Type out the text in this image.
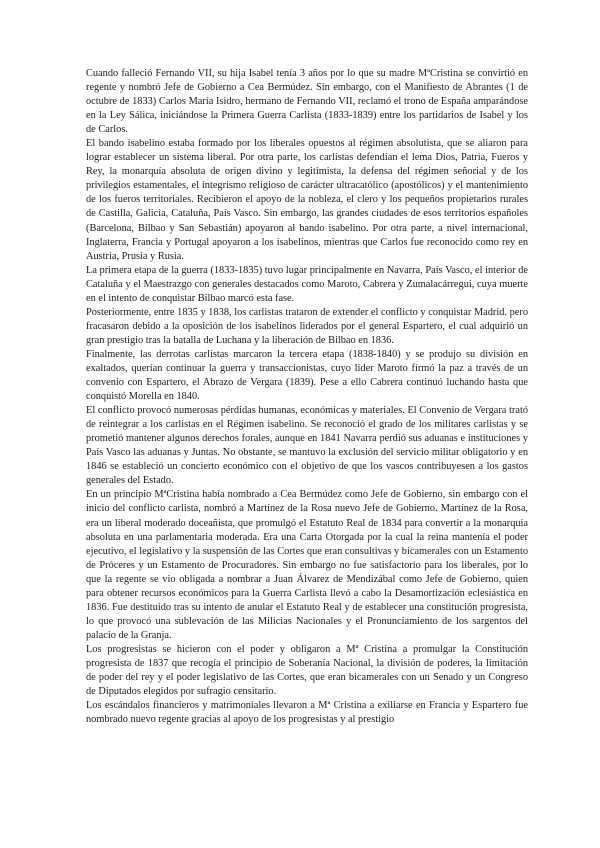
Cuando falleció Fernando VII, su hija Isabel tenía 3 años por lo que su madre MªCristina se convirtió en regente y nombró Jefe de Gobierno a Cea Bermúdez. Sin embargo, con el Manifiesto de Abrantes (1 de octubre de 1833) Carlos María Isidro, hermano de Fernando VII, reclamó el trono de España amparándose en la Ley Sálica, iniciándose la Primera Guerra Carlista (1833-1839) entre los partidarios de Isabel y los de Carlos.

El bando isabelino estaba formado por los liberales opuestos al régimen absolutista, que se aliaron para lograr establecer un sistema liberal. Por otra parte, los carlistas defendían el lema Dios, Patria, Fueros y Rey, la monarquía absoluta de origen divino y legitimista, la defensa del régimen señorial y de los privilegios estamentales, el integrismo religioso de carácter ultracatólico (apostólicos) y el mantenimiento de los fueros territoriales. Recibieron el apoyo de la nobleza, el clero y los pequeños propietarios rurales de Castilla, Galicia, Cataluña, País Vasco. Sin embargo, las grandes ciudades de esos territorios españoles (Barcelona, Bilbao y San Sebastián) apoyaron al bando isabelino. Por otra parte, a nivel internacional, Inglaterra, Francia y Portugal apoyaron a los isabelinos, mientras que Carlos fue reconocido como rey en Austria, Prusia y Rusia.

La primera etapa de la guerra (1833-1835) tuvo lugar principalmente en Navarra, País Vasco, el interior de Cataluña y el Maestrazgo con generales destacados como Maroto, Cabrera y Zumalacárregui, cuya muerte en el intento de conquistar Bilbao marcó esta fase.

Posteriormente, entre 1835 y 1838, los carlistas trataron de extender el conflicto y conquistar Madrid. pero fracasaron debido a la oposición de los isabelinos liderados por el general Espartero, el cual adquirió un gran prestigio tras la batalla de Luchana y la liberación de Bilbao en 1836.

Finalmente, las derrotas carlistas marcaron la tercera etapa (1838-1840) y se produjo su división en exaltados, querían continuar la guerra y transaccionistas, cuyo líder Maroto firmó la paz a través de un convenio con Espartero, el Abrazo de Vergara (1839). Pese a ello Cabrera continuó luchando hasta que conquistó Morella en 1840.

El conflicto provocó numerosas pérdidas humanas, económicas y materiales. El Convenio de Vergara trató de reintegrar a los carlistas en el Régimen isabelino. Se reconoció el grado de los militares carlistas y se prometió mantener algunos derechos forales, aunque en 1841 Navarra perdió sus aduanas e instituciones y País Vasco las aduanas y Juntas. No obstante, se mantuvo la exclusión del servicio militar obligatorio y en 1846 se estableció un concierto económico con el objetivo de que los vascos contribuyesen a los gastos generales del Estado.

En un principio MªCristina había nombrado a Cea Bermúdez como Jefe de Gobierno, sin embargo con el inicio del conflicto carlista, nombró a Martínez de la Rosa nuevo Jefe de Gobierno. Martínez de la Rosa, era un liberal moderado doceañista, que promulgó el Estatuto Real de 1834 para convertir a la monarquía absoluta en una parlamentaria moderada. Era una Carta Otorgada por la cual la reina mantenía el poder ejecutivo, el legislativo y la suspensión de las Cortes que eran consultivas y bicamerales con un Estamento de Próceres y un Estamento de Procuradores. Sin embargo no fue satisfactorio para los liberales, por lo que la regente se vio obligada a nombrar a Juan Álvarez de Mendizábal como Jefe de Gobierno, quien para obtener recursos económicos para la Guerra Carlista llevó a cabo la Desamortización eclesiástica en 1836. Fue destituido tras su intento de anular el Estatuto Real y de establecer una constitución progresista, lo que provocó una sublevación de las Milicias Nacionales y el Pronunciamiento de los sargentos del palacio de la Granja.

Los progresistas se hicieron con el poder y obligaron a Mª Cristina a promulgar la Constitución progresista de 1837 que recogía el principio de Soberanía Nacional, la división de poderes, la limitación de poder del rey y el poder legislativo de las Cortes, que eran bicamerales con un Senado y un Congreso de Diputados elegidos por sufragio censitario.

Los escándalos financieros y matrimoniales llevaron a Mª Cristina a exiliarse en Francia y Espartero fue nombrado nuevo regente gracias al apoyo de los progresistas y al prestigio
